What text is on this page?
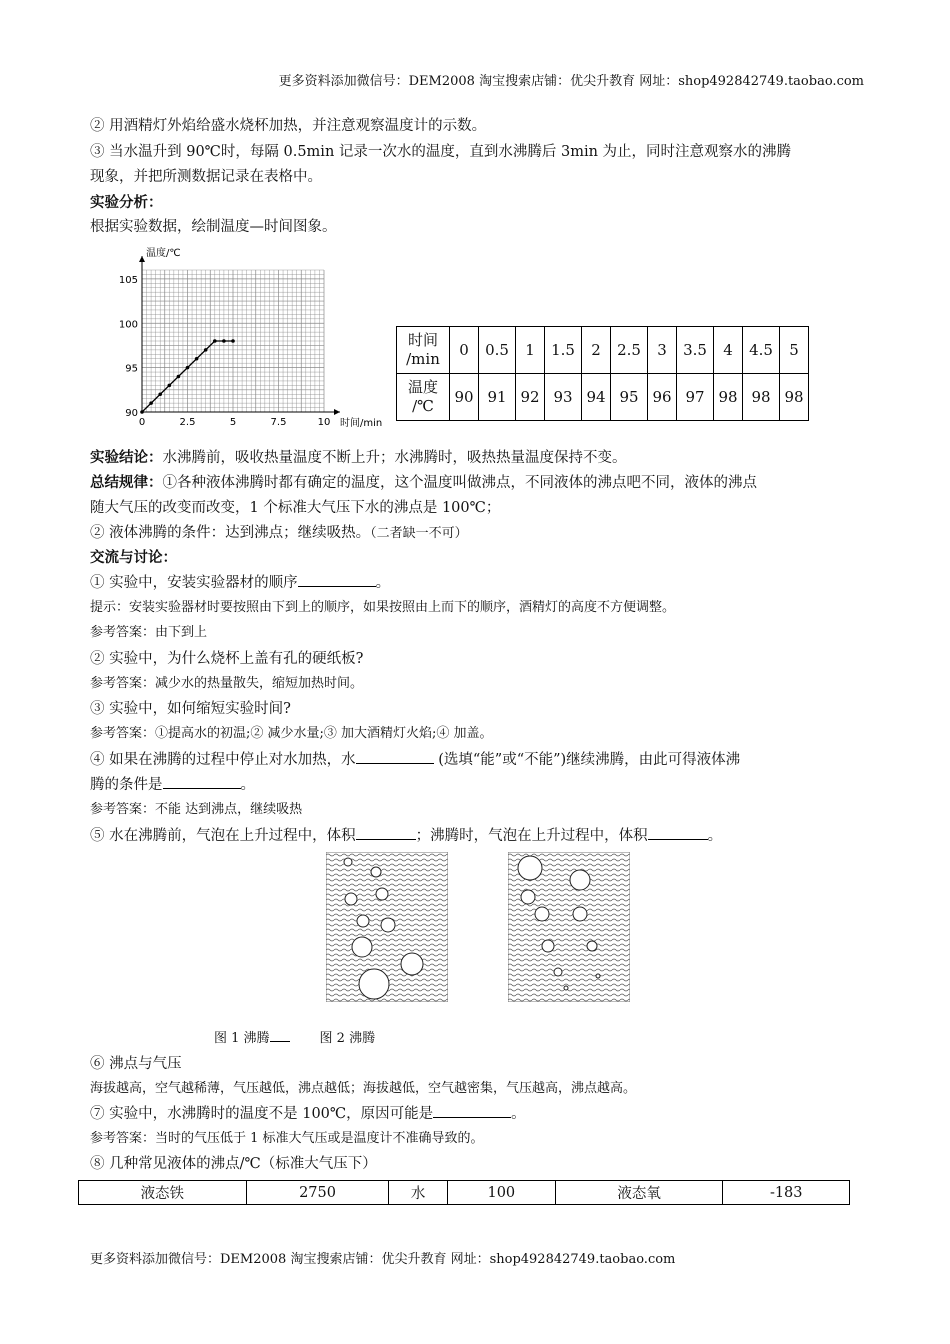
更多资料添加微信号：DEM2008 淘宝搜索店铺：优尖升教育 网址：shop492842749.taobao.com
② 用酒精灯外焰给盛水烧杯加热，并注意观察温度计的示数。
③ 当水温升到 90℃时，每隔 0.5min 记录一次水的温度，直到水沸腾后 3min 为止，同时注意观察水的沸腾
现象，并把所测数据记录在表格中。
实验分析：
根据实验数据，绘制温度—时间图象。
0	2.5	5	7.5	10
90
95
100
105
温度/℃
时间/min
时间
/min	0	0.5	1	1.5	2	2.5	3	3.5	4	4.5	5
温度
/℃	90	91	92	93	94	95	96	97	98	98	98
实验结论：水沸腾前，吸收热量温度不断上升；水沸腾时，吸热热量温度保持不变。
总结规律：①各种液体沸腾时都有确定的温度，这个温度叫做沸点，不同液体的沸点吧不同，液体的沸点
随大气压的改变而改变，1 个标准大气压下水的沸点是 100℃；
② 液体沸腾的条件：达到沸点；继续吸热。（二者缺一不可）
交流与讨论：
① 实验中，安装实验器材的顺序	。
提示：安装实验器材时要按照由下到上的顺序，如果按照由上而下的顺序，酒精灯的高度不方便调整。
参考答案：由下到上
② 实验中，为什么烧杯上盖有孔的硬纸板?
参考答案：减少水的热量散失，缩短加热时间。
③ 实验中，如何缩短实验时间?
参考答案：①提高水的初温;② 减少水量;③ 加大酒精灯火焰;④ 加盖。
④ 如果在沸腾的过程中停止对水加热，水	(选填“能”或“不能”)继续沸腾，由此可得液体沸
腾的条件是	。
参考答案：不能 达到沸点，继续吸热
⑤ 水在沸腾前，气泡在上升过程中，体积	；沸腾时，气泡在上升过程中，体积	。
图 1 沸腾	图 2 沸腾
⑥ 沸点与气压
海拔越高，空气越稀薄，气压越低，沸点越低；海拔越低，空气越密集，气压越高，沸点越高。
⑦ 实验中，水沸腾时的温度不是 100℃，原因可能是	。
参考答案：当时的气压低于 1 标准大气压或是温度计不准确导致的。
⑧ 几种常见液体的沸点/℃（标准大气压下）
液态铁	2750	水	100	液态氧	-183
更多资料添加微信号：DEM2008 淘宝搜索店铺：优尖升教育 网址：shop492842749.taobao.com
